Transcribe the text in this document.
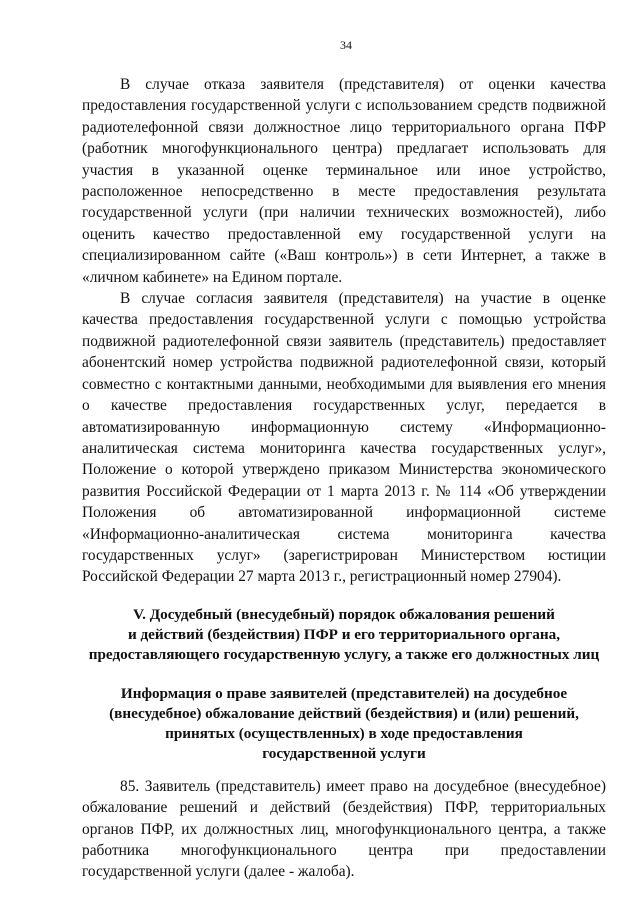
34

В случае отказа заявителя (представителя) от оценки качества предоставления государственной услуги с использованием средств подвижной радиотелефонной связи должностное лицо территориального органа ПФР (работник многофункционального центра) предлагает использовать для участия в указанной оценке терминальное или иное устройство, расположенное непосредственно в месте предоставления результата государственной услуги (при наличии технических возможностей), либо оценить качество предоставленной ему государственной услуги на специализированном сайте («Ваш контроль») в сети Интернет, а также в «личном кабинете» на Едином портале.

В случае согласия заявителя (представителя) на участие в оценке качества предоставления государственной услуги с помощью устройства подвижной радиотелефонной связи заявитель (представитель) предоставляет абонентский номер устройства подвижной радиотелефонной связи, который совместно с контактными данными, необходимыми для выявления его мнения о качестве предоставления государственных услуг, передается в автоматизированную информационную систему «Информационно-аналитическая система мониторинга качества государственных услуг», Положение о которой утверждено приказом Министерства экономического развития Российской Федерации от 1 марта 2013 г. № 114 «Об утверждении Положения об автоматизированной информационной системе «Информационно-аналитическая система мониторинга качества государственных услуг» (зарегистрирован Министерством юстиции Российской Федерации 27 марта 2013 г., регистрационный номер 27904).

V. Досудебный (внесудебный) порядок обжалования решений
и действий (бездействия) ПФР и его территориального органа,
предоставляющего государственную услугу, а также его должностных лиц
Информация о праве заявителей (представителей) на досудебное
(внесудебное) обжалование действий (бездействия) и (или) решений,
принятых (осуществленных) в ходе предоставления
государственной услуги

85. Заявитель (представитель) имеет право на досудебное (внесудебное) обжалование решений и действий (бездействия) ПФР, территориальных органов ПФР, их должностных лиц, многофункционального центра, а также работника многофункционального центра при предоставлении государственной услуги (далее - жалоба).
